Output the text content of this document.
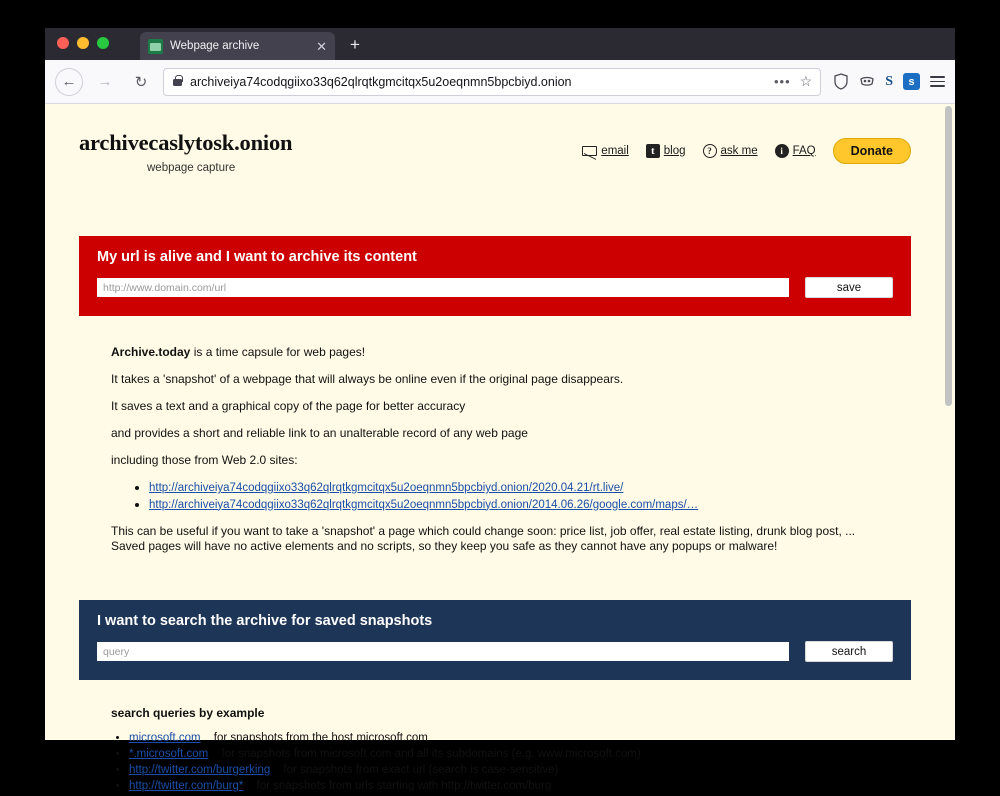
Webpage archive	✕ +
←	→	↻	archiveiya74codqgiixo33q62qlrqtkgmcitqx5u2oeqnmn5bpcbiyd.onion	••• ☆	S	s
archivecaslytosk.onion
webpage capture
email	t blog	? ask me	i FAQ	Donate
My url is alive and I want to archive its content
http://www.domain.com/url	save

Archive.today is a time capsule for web pages!

It takes a 'snapshot' of a webpage that will always be online even if the original page disappears.

It saves a text and a graphical copy of the page for better accuracy

and provides a short and reliable link to an unalterable record of any web page

including those from Web 2.0 sites:

• http://archiveiya74codqgiixo33q62qlrqtkgmcitqx5u2oeqnmn5bpcbiyd.onion/2020.04.21/rt.live/
• http://archiveiya74codqgiixo33q62qlrqtkgmcitqx5u2oeqnmn5bpcbiyd.onion/2014.06.26/google.com/maps/…

This can be useful if you want to take a 'snapshot' a page which could change soon: price list, job offer, real estate listing, drunk blog post, ...

Saved pages will have no active elements and no scripts, so they keep you safe as they cannot have any popups or malware!

I want to search the archive for saved snapshots
query	search
search queries by example
• microsoft.com for snapshots from the host microsoft.com
• *.microsoft.com for snapshots from microsoft.com and all its subdomains (e.g. www.microsoft.com)
• http://twitter.com/burgerking for snapshots from exact url (search is case-sensitive)
• http://twitter.com/burg* for snapshots from urls starting with http://twitter.com/burg
